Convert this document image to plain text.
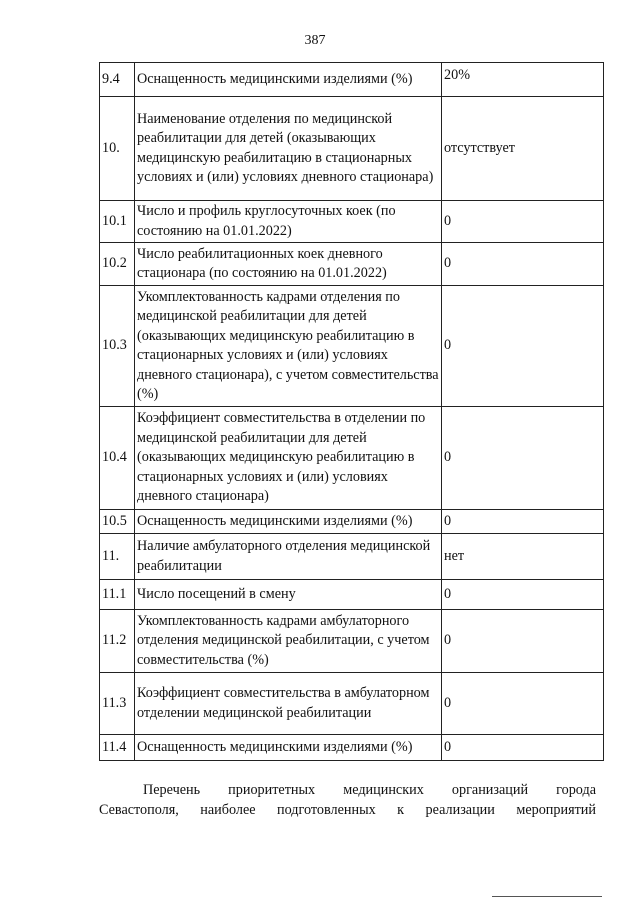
387
9.4	Оснащенность медицинскими изделиями (%)	20%
10.	Наименование отделения по медицинской реабилитации для детей (оказывающих медицинскую реабилитацию в стационарных условиях и (или) условиях дневного стационара)	отсутствует
10.1	Число и профиль круглосуточных коек (по состоянию на 01.01.2022)	0
10.2	Число реабилитационных коек дневного стационара (по состоянию на 01.01.2022)	0
10.3	Укомплектованность кадрами отделения по медицинской реабилитации для детей (оказывающих медицинскую реабилитацию в стационарных условиях и (или) условиях дневного стационара), с учетом совместительства (%)	0
10.4	Коэффициент совместительства в отделении по медицинской реабилитации для детей (оказывающих медицинскую реабилитацию в стационарных условиях и (или) условиях дневного стационара)	0
10.5	Оснащенность медицинскими изделиями (%)	0
11.	Наличие амбулаторного отделения медицинской реабилитации	нет
11.1	Число посещений в смену	0
11.2	Укомплектованность кадрами амбулаторного отделения медицинской реабилитации, с учетом совместительства (%)	0
11.3	Коэффициент совместительства в амбулаторном отделении медицинской реабилитации	0
11.4	Оснащенность медицинскими изделиями (%)	0
Перечень приоритетных медицинских организаций города
Севастополя, наиболее подготовленных к реализации мероприятий
